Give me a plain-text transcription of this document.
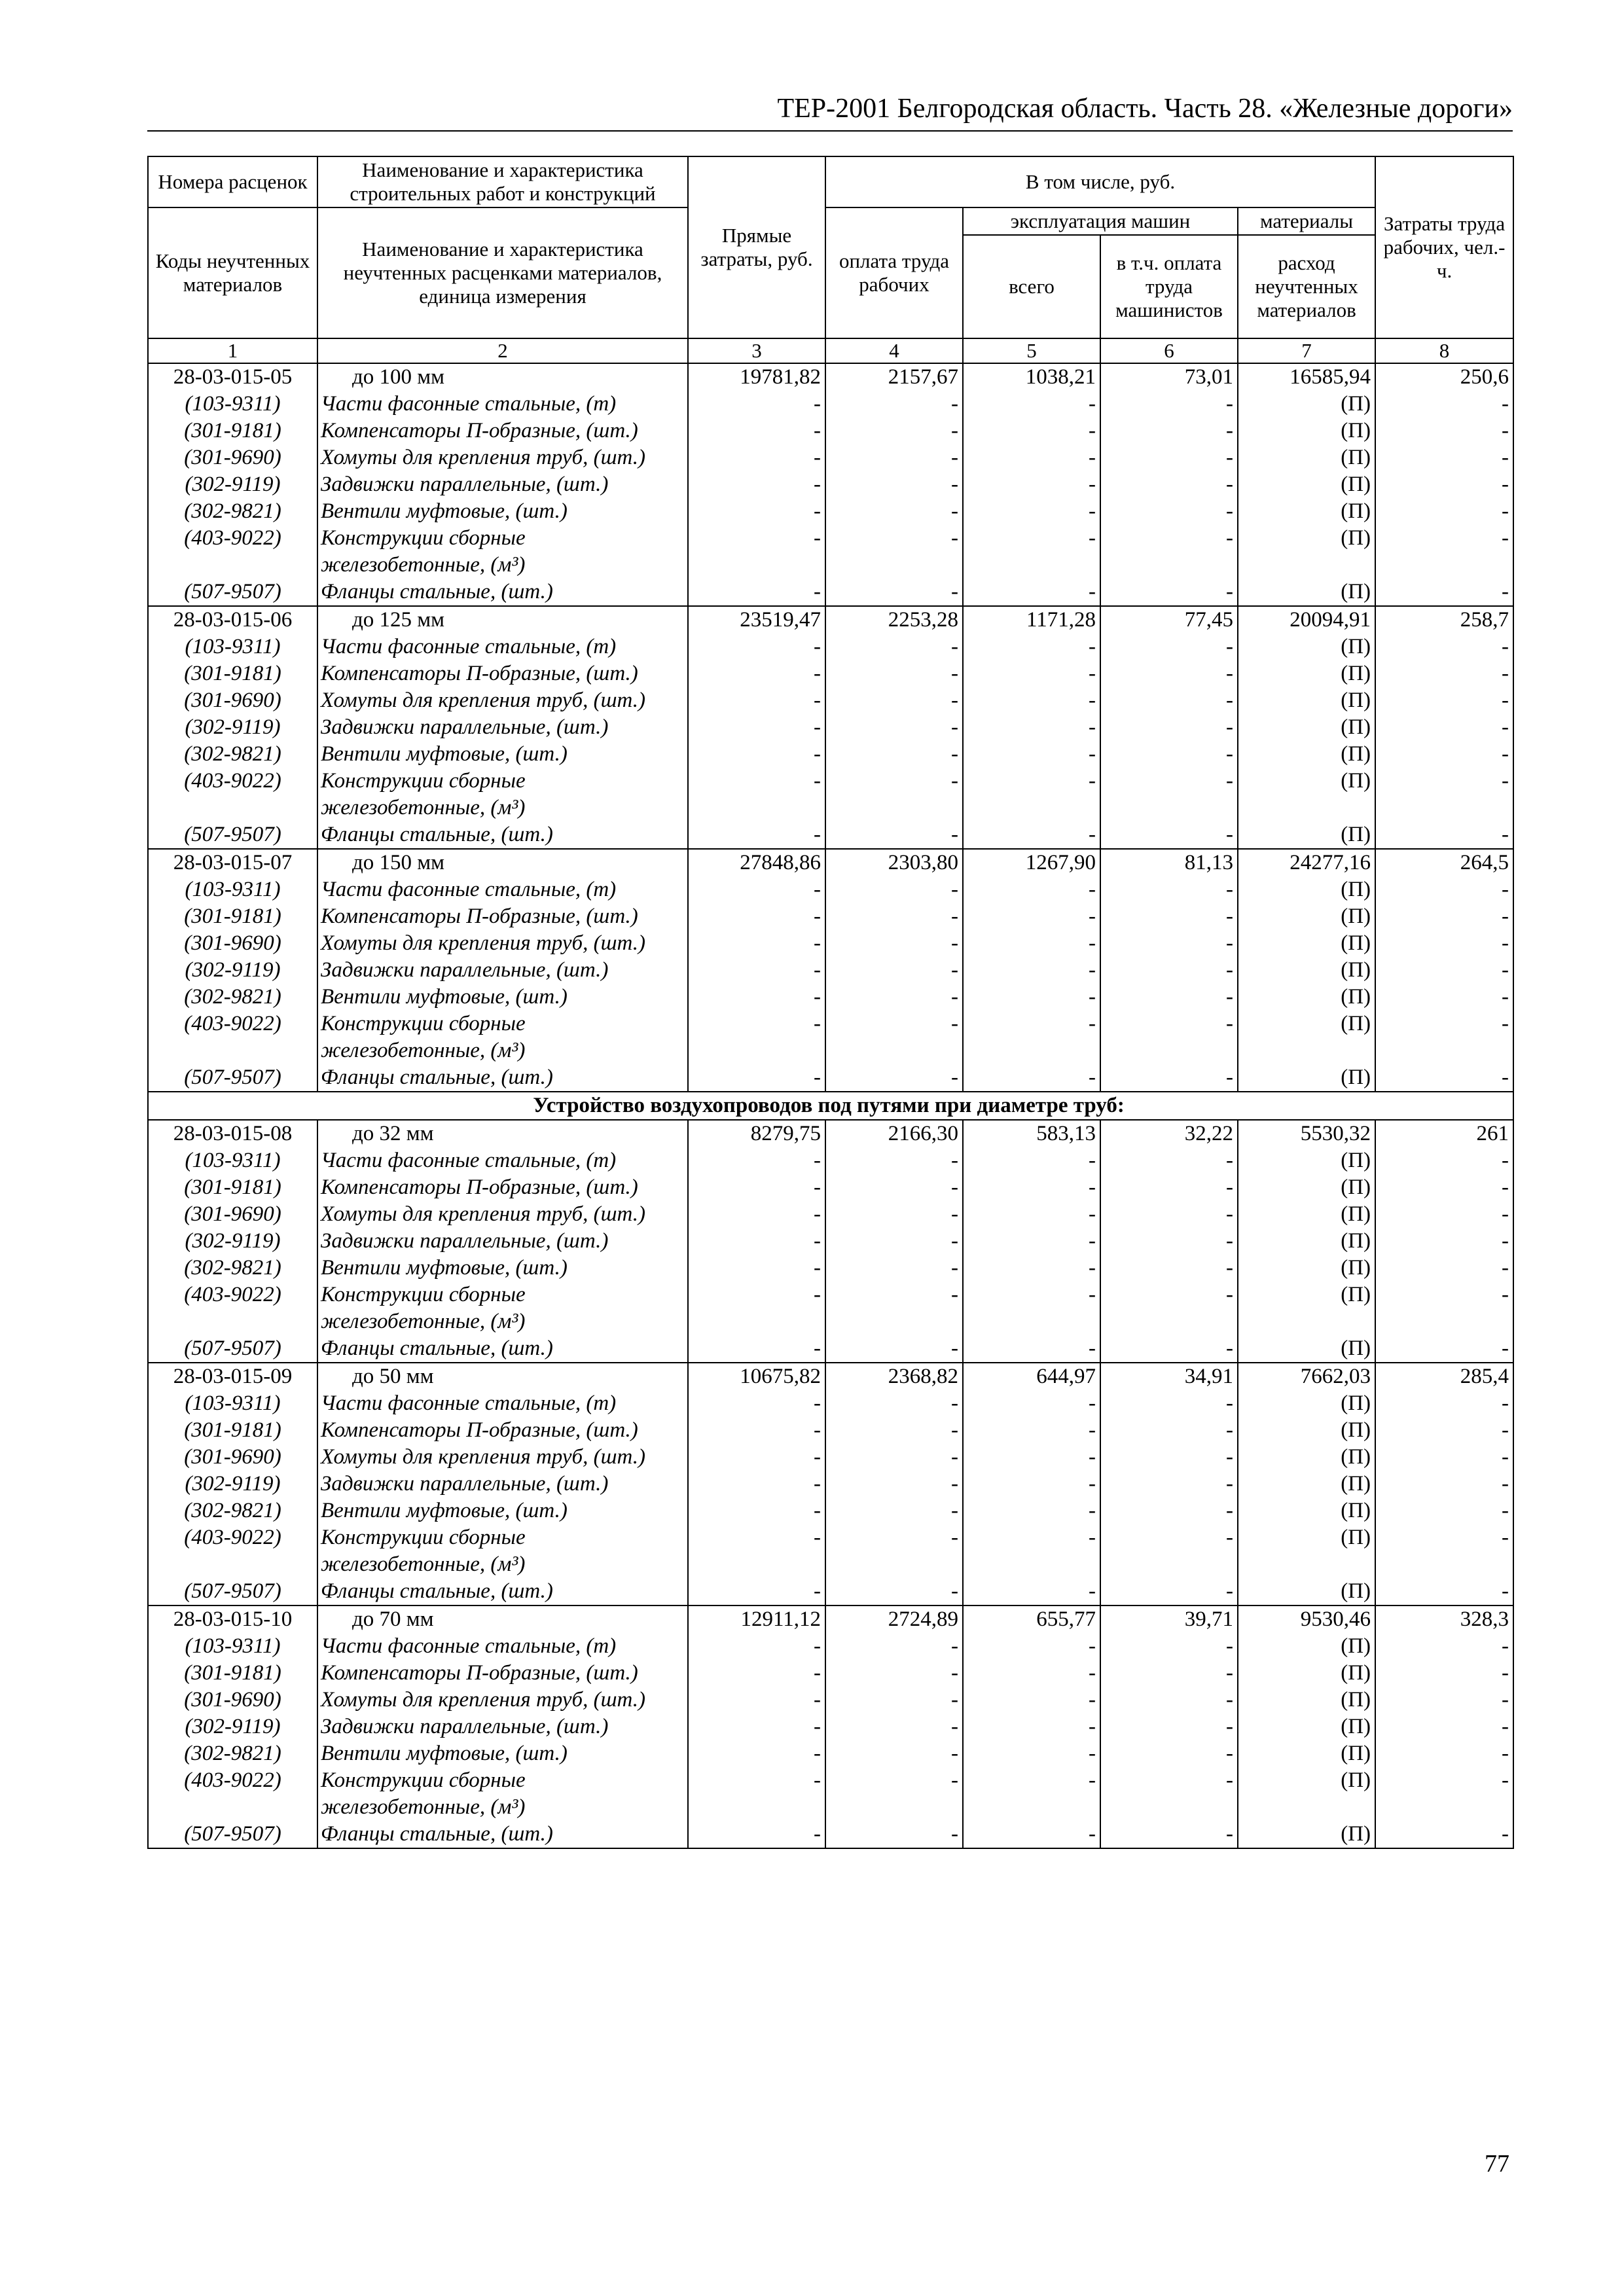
ТЕР-2001 Белгородская область. Часть 28. «Железные дороги»
Номера расценок	Наименование и характеристика строительных работ и конструкций	Прямые затраты, руб.	В том числе, руб.				Затраты труда рабочих, чел.-ч.
Коды неучтенных материалов	Наименование и характеристика неучтенных расценками материалов, единица измерения		оплата труда рабочих	эксплуатация машин		материалы	
				всего	в т.ч. оплата труда машинистов	расход неучтенных материалов	
1	2	3	4	5	6	7	8
28-03-015-05	до 100 мм	19781,82	2157,67	1038,21	73,01	16585,94	250,6
(103-9311)	Части фасонные стальные, (т)	-	-	-	-	(П)	-
(301-9181)	Компенсаторы П-образные, (шт.)	-	-	-	-	(П)	-
(301-9690)	Хомуты для крепления труб, (шт.)	-	-	-	-	(П)	-
(302-9119)	Задвижки параллельные, (шт.)	-	-	-	-	(П)	-
(302-9821)	Вентили муфтовые, (шт.)	-	-	-	-	(П)	-
(403-9022)	Конструкции сборные железобетонные, (м³)	-	-	-	-	(П)	-
(507-9507)	Фланцы стальные, (шт.)	-	-	-	-	(П)	-
28-03-015-06	до 125 мм	23519,47	2253,28	1171,28	77,45	20094,91	258,7
(103-9311)	Части фасонные стальные, (т)	-	-	-	-	(П)	-
(301-9181)	Компенсаторы П-образные, (шт.)	-	-	-	-	(П)	-
(301-9690)	Хомуты для крепления труб, (шт.)	-	-	-	-	(П)	-
(302-9119)	Задвижки параллельные, (шт.)	-	-	-	-	(П)	-
(302-9821)	Вентили муфтовые, (шт.)	-	-	-	-	(П)	-
(403-9022)	Конструкции сборные железобетонные, (м³)	-	-	-	-	(П)	-
(507-9507)	Фланцы стальные, (шт.)	-	-	-	-	(П)	-
28-03-015-07	до 150 мм	27848,86	2303,80	1267,90	81,13	24277,16	264,5
(103-9311)	Части фасонные стальные, (т)	-	-	-	-	(П)	-
(301-9181)	Компенсаторы П-образные, (шт.)	-	-	-	-	(П)	-
(301-9690)	Хомуты для крепления труб, (шт.)	-	-	-	-	(П)	-
(302-9119)	Задвижки параллельные, (шт.)	-	-	-	-	(П)	-
(302-9821)	Вентили муфтовые, (шт.)	-	-	-	-	(П)	-
(403-9022)	Конструкции сборные железобетонные, (м³)	-	-	-	-	(П)	-
(507-9507)	Фланцы стальные, (шт.)	-	-	-	-	(П)	-
Устройство воздухопроводов под путями при диаметре труб:							
28-03-015-08	до 32 мм	8279,75	2166,30	583,13	32,22	5530,32	261
(103-9311)	Части фасонные стальные, (т)	-	-	-	-	(П)	-
(301-9181)	Компенсаторы П-образные, (шт.)	-	-	-	-	(П)	-
(301-9690)	Хомуты для крепления труб, (шт.)	-	-	-	-	(П)	-
(302-9119)	Задвижки параллельные, (шт.)	-	-	-	-	(П)	-
(302-9821)	Вентили муфтовые, (шт.)	-	-	-	-	(П)	-
(403-9022)	Конструкции сборные железобетонные, (м³)	-	-	-	-	(П)	-
(507-9507)	Фланцы стальные, (шт.)	-	-	-	-	(П)	-
28-03-015-09	до 50 мм	10675,82	2368,82	644,97	34,91	7662,03	285,4
(103-9311)	Части фасонные стальные, (т)	-	-	-	-	(П)	-
(301-9181)	Компенсаторы П-образные, (шт.)	-	-	-	-	(П)	-
(301-9690)	Хомуты для крепления труб, (шт.)	-	-	-	-	(П)	-
(302-9119)	Задвижки параллельные, (шт.)	-	-	-	-	(П)	-
(302-9821)	Вентили муфтовые, (шт.)	-	-	-	-	(П)	-
(403-9022)	Конструкции сборные железобетонные, (м³)	-	-	-	-	(П)	-
(507-9507)	Фланцы стальные, (шт.)	-	-	-	-	(П)	-
28-03-015-10	до 70 мм	12911,12	2724,89	655,77	39,71	9530,46	328,3
(103-9311)	Части фасонные стальные, (т)	-	-	-	-	(П)	-
(301-9181)	Компенсаторы П-образные, (шт.)	-	-	-	-	(П)	-
(301-9690)	Хомуты для крепления труб, (шт.)	-	-	-	-	(П)	-
(302-9119)	Задвижки параллельные, (шт.)	-	-	-	-	(П)	-
(302-9821)	Вентили муфтовые, (шт.)	-	-	-	-	(П)	-
(403-9022)	Конструкции сборные железобетонные, (м³)	-	-	-	-	(П)	-
(507-9507)	Фланцы стальные, (шт.)	-	-	-	-	(П)	-
77
